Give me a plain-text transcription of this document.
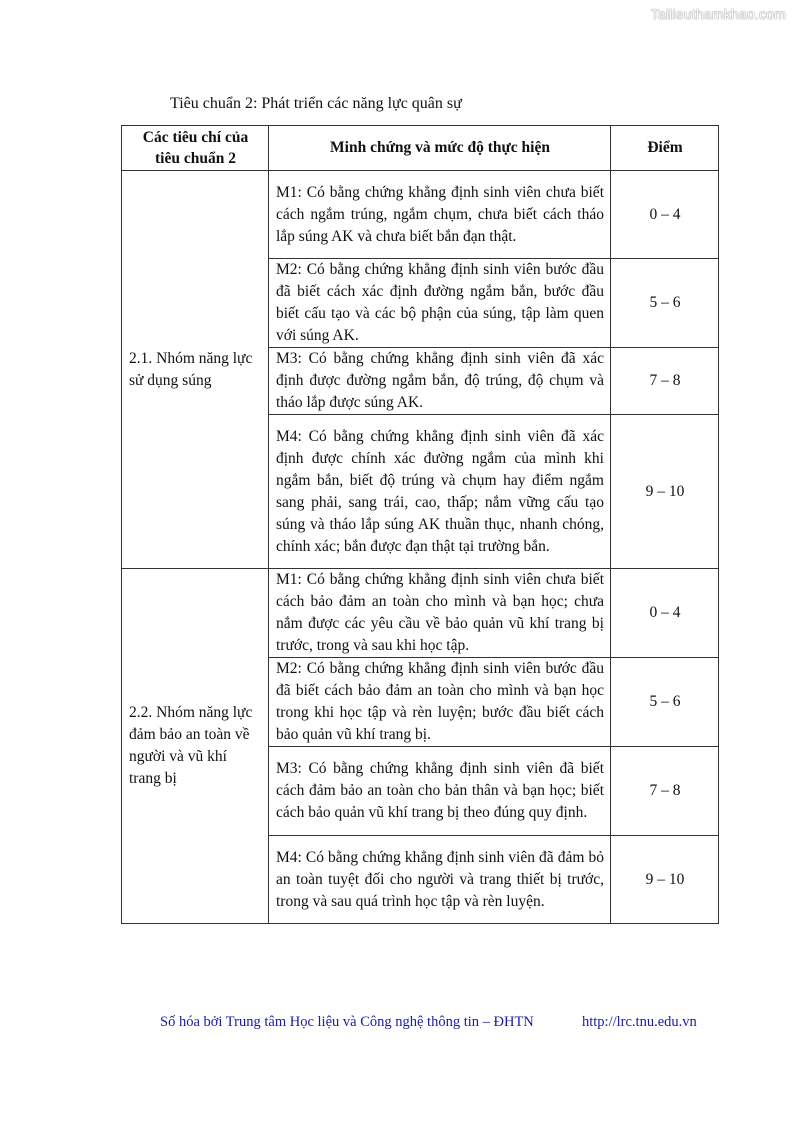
Tailieuthamkhao.com
Tiêu chuẩn 2: Phát triển các năng lực quân sự
Các tiêu chí của tiêu chuẩn 2	Minh chứng và mức độ thực hiện	Điểm
2.1. Nhóm năng lực sử dụng súng	M1: Có bằng chứng khẳng định sinh viên chưa biết cách ngắm trúng, ngắm chụm, chưa biết cách tháo lắp súng AK và chưa biết bắn đạn thật.	0 – 4
	M2: Có bằng chứng khẳng định sinh viên bước đầu đã biết cách xác định đường ngắm bắn, bước đầu biết cấu tạo và các bộ phận của súng, tập làm quen với súng AK.	5 – 6
	M3: Có bằng chứng khẳng định sinh viên đã xác định được đường ngắm bắn, độ trúng, độ chụm và tháo lắp được súng AK.	7 – 8
	M4: Có bằng chứng khẳng định sinh viên đã xác định được chính xác đường ngắm của mình khi ngắm bắn, biết độ trúng và chụm hay điểm ngắm sang phải, sang trái, cao, thấp; nắm vững cấu tạo súng và tháo lắp súng AK thuần thục, nhanh chóng, chính xác; bắn được đạn thật tại trường bắn.	9 – 10
2.2. Nhóm năng lực đảm bảo an toàn về người và vũ khí trang bị	M1: Có bằng chứng khẳng định sinh viên chưa biết cách bảo đảm an toàn cho mình và bạn học; chưa nắm được các yêu cầu về bảo quản vũ khí trang bị trước, trong và sau khi học tập.	0 – 4
	M2: Có bằng chứng khẳng định sinh viên bước đầu đã biết cách bảo đảm an toàn cho mình và bạn học trong khi học tập và rèn luyện; bước đầu biết cách bảo quản vũ khí trang bị.	5 – 6
	M3: Có bằng chứng khẳng định sinh viên đã biết cách đảm bảo an toàn cho bản thân và bạn học; biết cách bảo quản vũ khí trang bị theo đúng quy định.	7 – 8
	M4: Có bằng chứng khẳng định sinh viên đã đảm bỏ an toàn tuyệt đối cho người và trang thiết bị trước, trong và sau quá trình học tập và rèn luyện.	9 – 10
Số hóa bởi Trung tâm Học liệu và Công nghệ thông tin – ĐHTN	http://lrc.tnu.edu.vn
